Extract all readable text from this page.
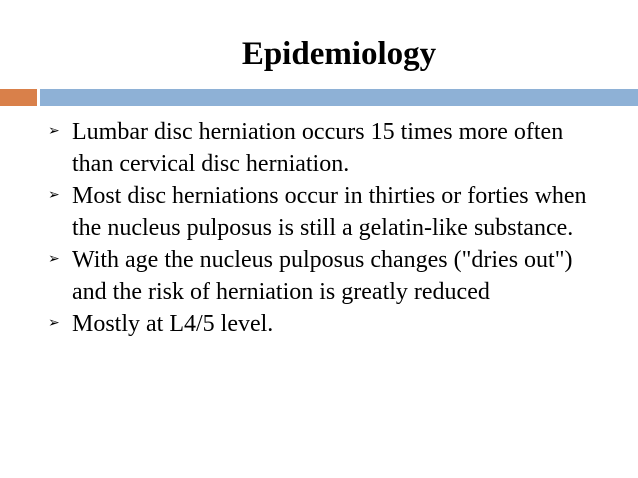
Epidemiology
➢ Lumbar disc herniation occurs 15 times more often than cervical disc herniation.
➢ Most disc herniations occur in thirties or forties when the nucleus pulposus is still a gelatin-like substance.
➢ With age the nucleus pulposus changes ("dries out") and the risk of herniation is greatly reduced
➢ Mostly at L4/5 level.
